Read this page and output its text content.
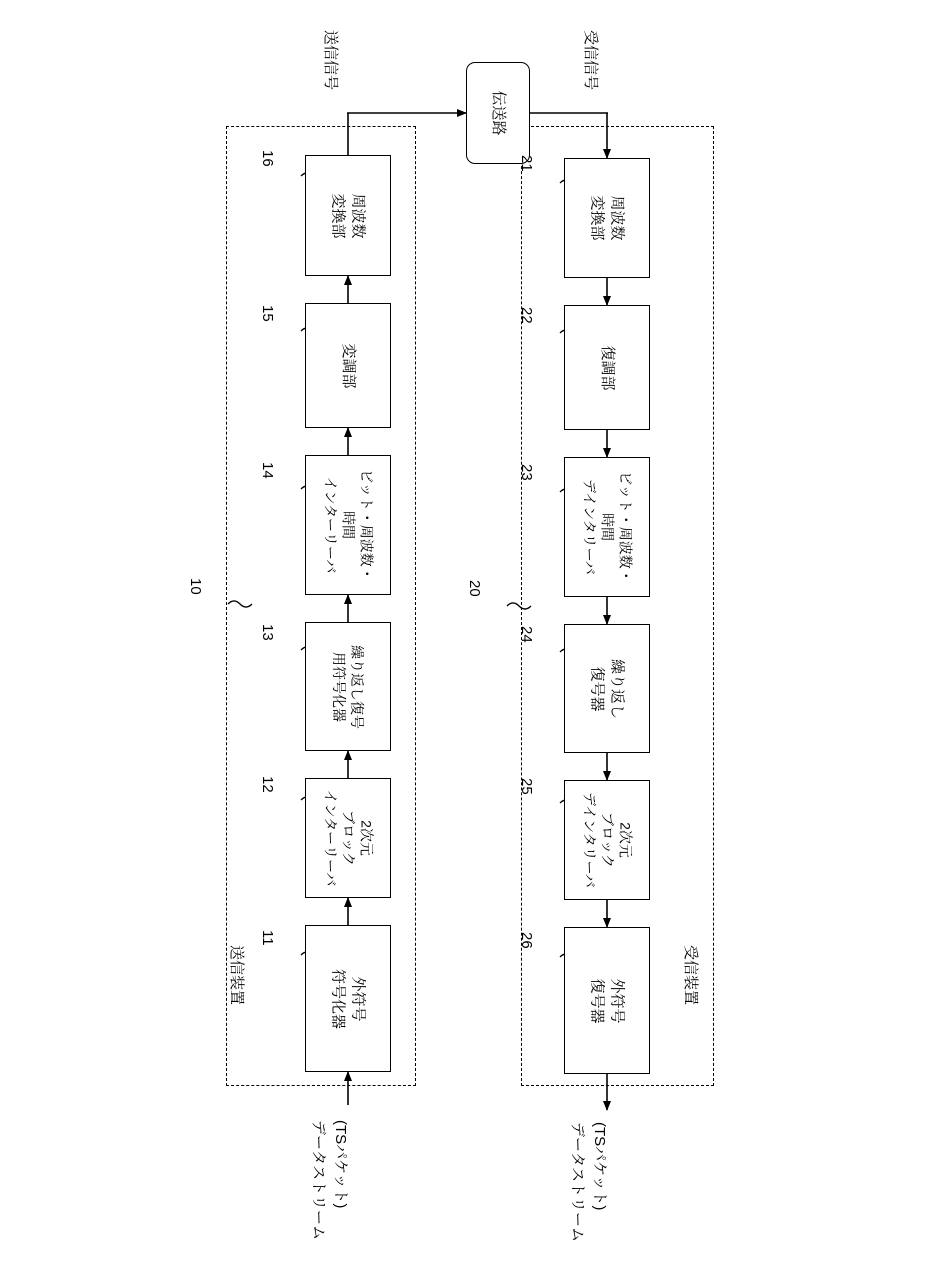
伝送路
送信信号	受信信号
周波数
変換部
16
変調部
15
ビット・周波数・
時間
インターリーバ
14
繰り返し復号
用符号化器
13
2次元
ブロック
インターリーバ
12
外符号
符号化器
11
周波数
変換部
21
復調部
22
ビット・周波数・
時間
デインタリーバ
23
繰り返し
復号器
24
2次元
ブロック
デインタリーバ
25
外符号
復号器
26
10	20
送信装置	受信装置
データストリーム (TSパケット)	データストリーム (TSパケット)
